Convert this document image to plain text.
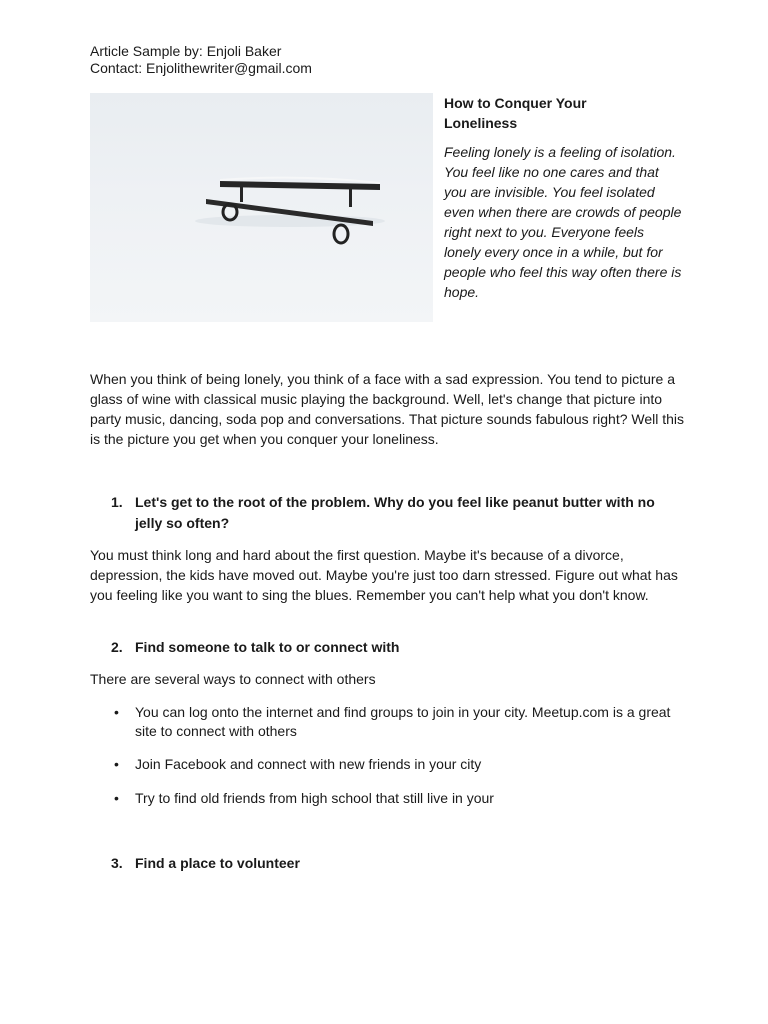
Article Sample by: Enjoli Baker
Contact: Enjolithewriter@gmail.com
How to Conquer Your
Loneliness

Feeling lonely is a feeling of isolation. You feel like no one cares and that you are invisible. You feel isolated even when there are crowds of people right next to you. Everyone feels lonely every once in a while, but for people who feel this way often there is hope.

When you think of being lonely, you think of a face with a sad expression. You tend to picture a glass of wine with classical music playing the background. Well, let's change that picture into party music, dancing, soda pop and conversations. That picture sounds fabulous right? Well this is the picture you get when you conquer your loneliness.

1. Let's get to the root of the problem. Why do you feel like peanut butter with no jelly so often?

You must think long and hard about the first question. Maybe it's because of a divorce, depression, the kids have moved out. Maybe you're just too darn stressed. Figure out what has you feeling like you want to sing the blues. Remember you can't help what you don't know.

2. Find someone to talk to or connect with

There are several ways to connect with others

• You can log onto the internet and find groups to join in your city. Meetup.com is a great site to connect with others
• Join Facebook and connect with new friends in your city
• Try to find old friends from high school that still live in your
3. Find a place to volunteer
